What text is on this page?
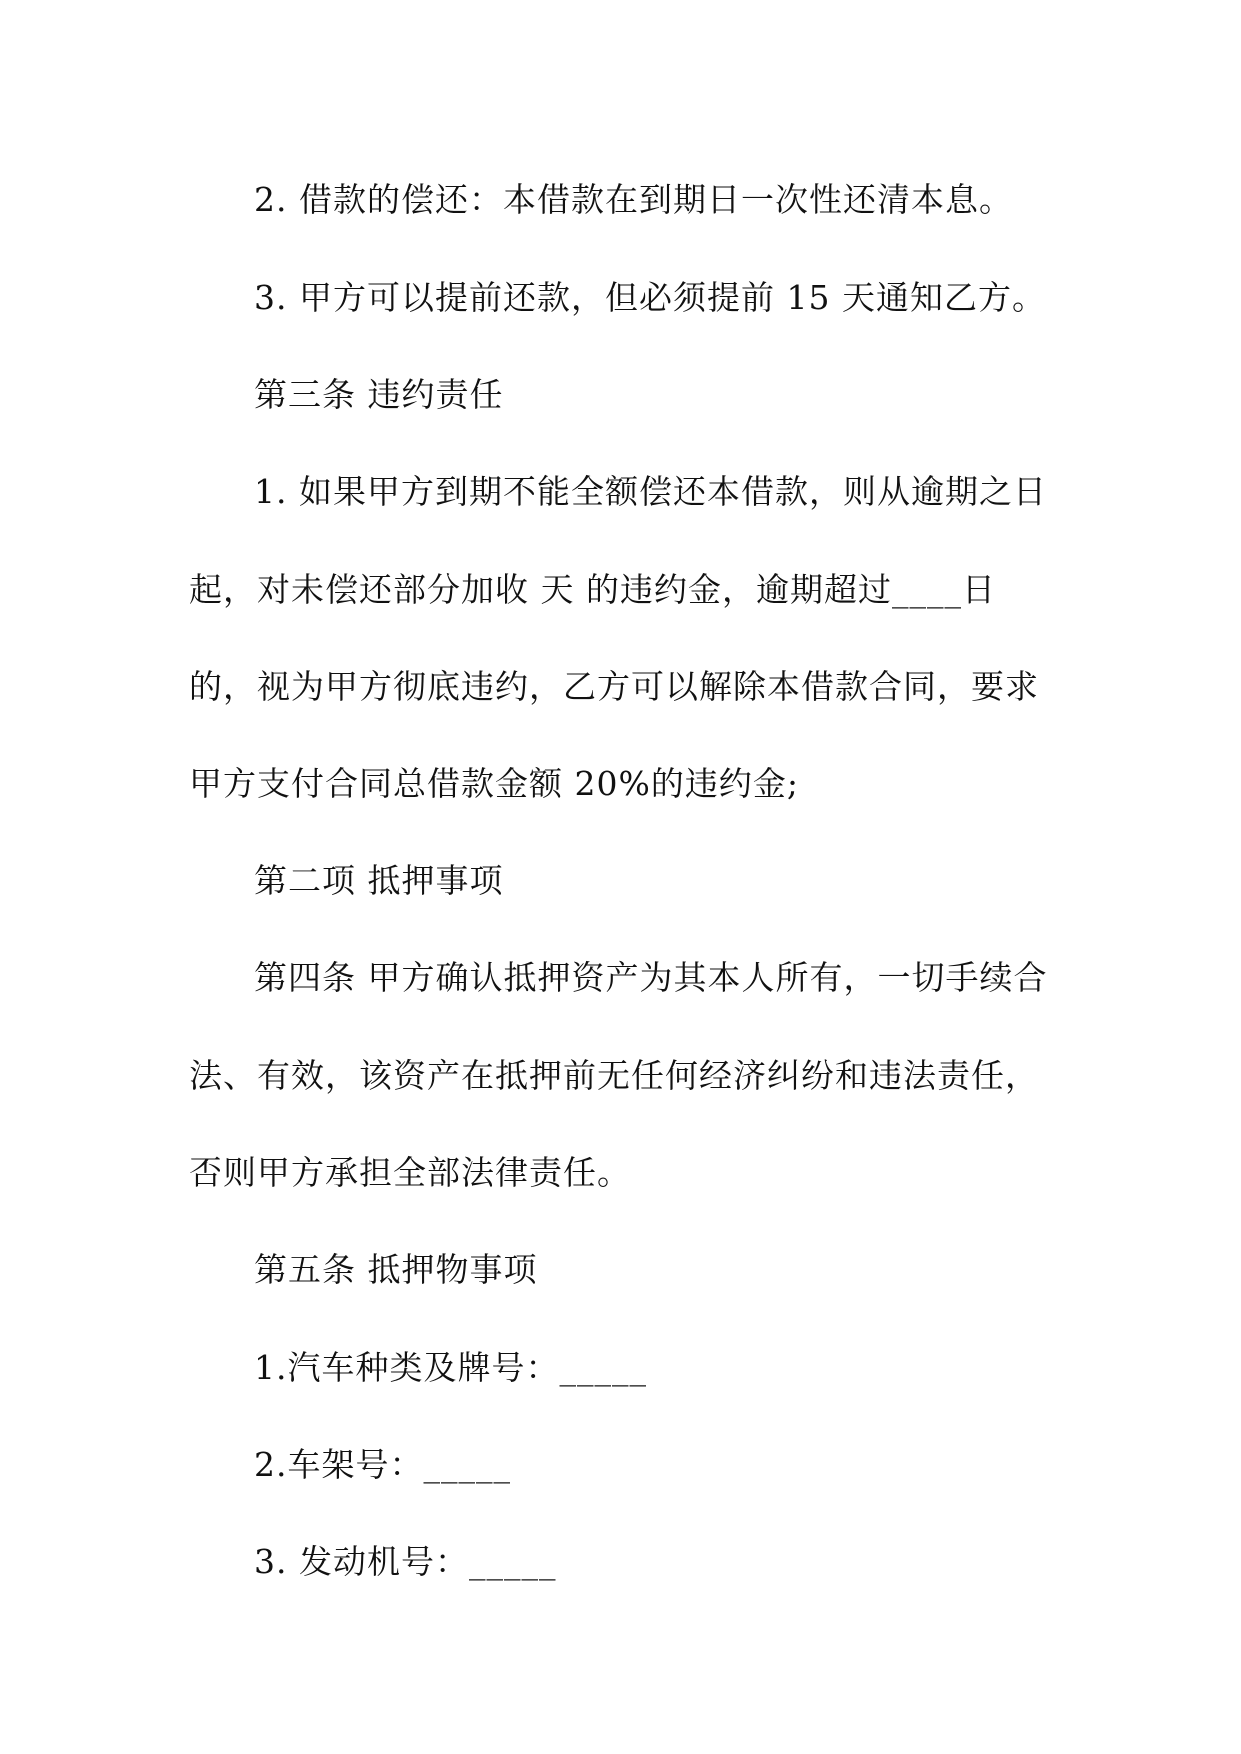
2. 借款的偿还：本借款在到期日一次性还清本息。
3. 甲方可以提前还款，但必须提前 15 天通知乙方。
第三条 违约责任
1. 如果甲方到期不能全额偿还本借款，则从逾期之日
起，对未偿还部分加收 天 的违约金，逾期超过____日
的，视为甲方彻底违约，乙方可以解除本借款合同，要求
甲方支付合同总借款金额 20%的违约金;
第二项 抵押事项
第四条 甲方确认抵押资产为其本人所有，一切手续合
法、有效，该资产在抵押前无任何经济纠纷和违法责任，
否则甲方承担全部法律责任。
第五条 抵押物事项
1.汽车种类及牌号：_____
2.车架号：_____
3. 发动机号：_____
